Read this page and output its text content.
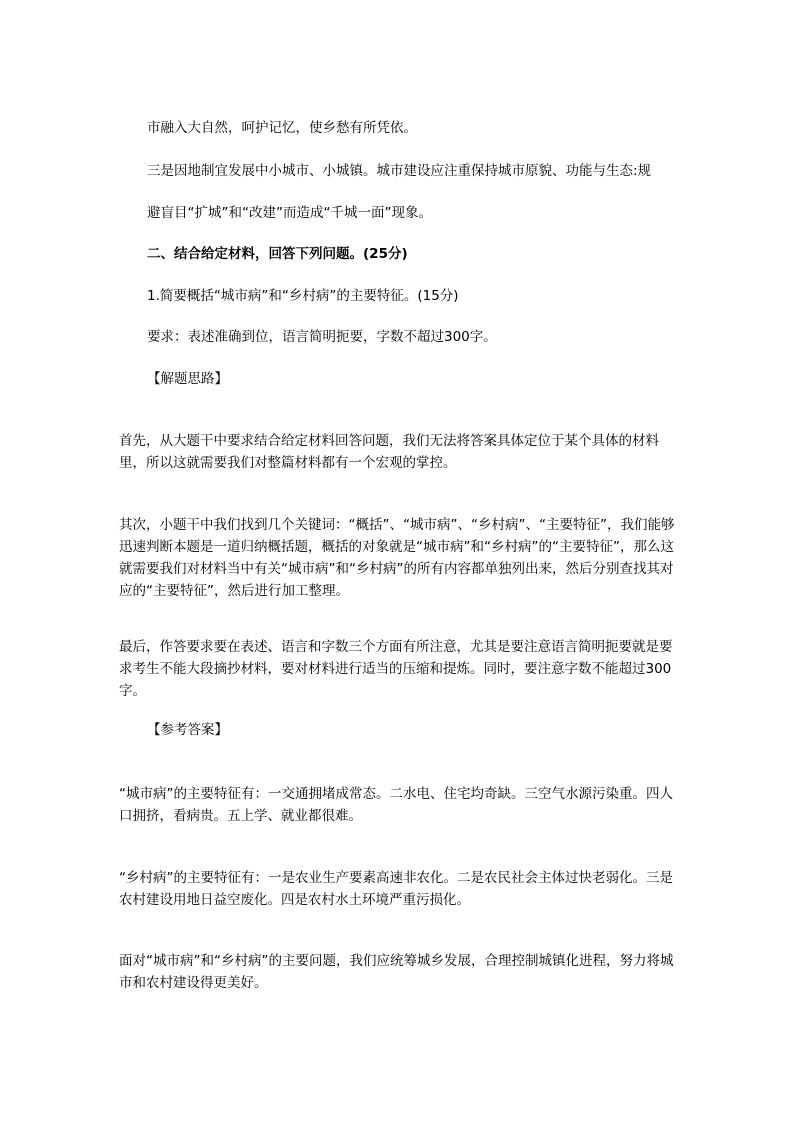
市融入大自然，呵护记忆，使乡愁有所凭依。

三是因地制宜发展中小城市、小城镇。城市建设应注重保持城市原貌、功能与生态:规

避盲目“扩城”和“改建”而造成“千城一面”现象。

二、结合给定材料，回答下列问题。(25分)

1.简要概括“城市病”和“乡村病”的主要特征。(15分)

要求：表述准确到位，语言简明扼要，字数不超过300字。

【解题思路】

首先，从大题干中要求结合给定材料回答问题，我们无法将答案具体定位于某个具体的材料里，所以这就需要我们对整篇材料都有一个宏观的掌控。

其次，小题干中我们找到几个关键词：“概括”、“城市病”、“乡村病”、“主要特征”，我们能够迅速判断本题是一道归纳概括题，概括的对象就是“城市病”和“乡村病”的“主要特征”，那么这就需要我们对材料当中有关“城市病”和“乡村病”的所有内容都单独列出来，然后分别查找其对应的“主要特征”，然后进行加工整理。

最后，作答要求要在表述、语言和字数三个方面有所注意，尤其是要注意语言简明扼要就是要求考生不能大段摘抄材料，要对材料进行适当的压缩和提炼。同时，要注意字数不能超过300字。

【参考答案】

“城市病”的主要特征有：一交通拥堵成常态。二水电、住宅均奇缺。三空气水源污染重。四人口拥挤，看病贵。五上学、就业都很难。

“乡村病”的主要特征有：一是农业生产要素高速非农化。二是农民社会主体过快老弱化。三是农村建设用地日益空废化。四是农村水土环境严重污损化。

面对“城市病”和“乡村病”的主要问题，我们应统筹城乡发展，合理控制城镇化进程，努力将城市和农村建设得更美好。
